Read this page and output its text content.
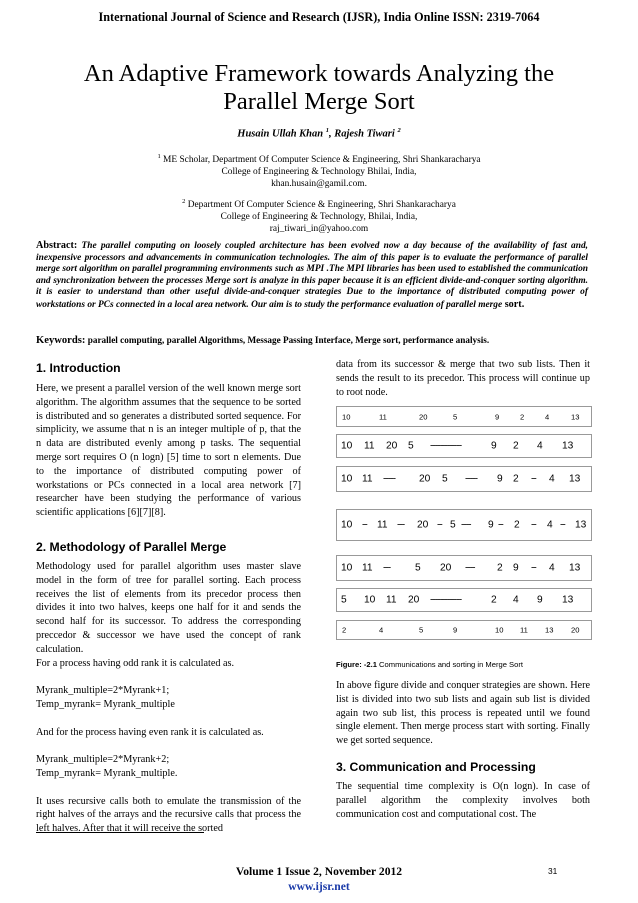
International Journal of Science and Research (IJSR), India Online ISSN: 2319-7064
An Adaptive Framework towards Analyzing the
Parallel Merge Sort
Husain Ullah Khan $^1$, Rajesh Tiwari $^2$
$^1$ ME Scholar, Department Of Computer Science & Engineering, Shri Shankaracharya
College of Engineering & Technology Bhilai, India,
khan.husain@gamil.com.
$^2$ Department Of Computer Science & Engineering, Shri Shankaracharya
College of Engineering & Technology, Bhilai, India,
raj_tiwari_in@yahoo.com
Abstract: The parallel computing on loosely coupled architecture has been evolved now a day because of the availability of fast and, inexpensive processors and advancements in communication technologies. The aim of this paper is to evaluate the performance of parallel merge sort algorithm on parallel programming environments such as MPI .The MPI libraries has been used to established the communication and synchronization between the processes Merge sort is analyze in this paper because it is an efficient divide-and-conquer sorting algorithm. it is easier to understand than other useful divide-and-conquer strategies Due to the importance of distributed computing power of workstations or PCs connected in a local area network. Our aim is to study the performance evaluation of parallel merge sort.
Keywords: parallel computing, parallel Algorithms, Message Passing Interface, Merge sort, performance analysis.
1. Introduction

Here, we present a parallel version of the well known merge sort algorithm. The algorithm assumes that the sequence to be sorted is distributed and so generates a distributed sorted sequence. For simplicity, we assume that n is an integer multiple of p, that the n data are distributed evenly among p tasks. The sequential merge sort requires O (n logn) [5] time to sort n elements. Due to the importance of distributed computing power of workstations or PCs connected in a local area network [7] researcher have been studying the performance of various scientific applications [6][7][8].

2. Methodology of Parallel Merge

Methodology used for parallel algorithm uses master slave model in the form of tree for parallel sorting. Each process receives the list of elements from its precedor process then divides it into two halves, keeps one half for it and sends the second half for its successor. To address the corresponding preccedor & successor we have used the concept of rank calculation.

For a process having odd rank it is calculated as.

Myrank_multiple=2*Myrank+1;

Temp_myrank= Myrank_multiple

And for the process having even rank it is calculated as.

Myrank_multiple=2*Myrank+2;

Temp_myrank= Myrank_multiple.

It uses recursive calls both to emulate the transmission of the right halves of the arrays and the recursive calls that process the left halves. After that it will receive the sorted

data from its successor & merge that two sub lists. Then it sends the result to its precedor. This process will continue up to root node.

10	11	20	5	9	2	4	13
10 11 20 5 -------------	9 2 4 13
10 11 ----- 20 5 ----- 9 2 -- 4 13
10 -- 11 --- 20 -- 5 ---- 9 -- 2 -- 4 -- 13
10 11 --- 5 20 ---- 2 9 -- 4 13
5 10 11 20 -------------	2 4 9 13
2	4	5	9	10 11 13 20
Figure: -2.1 Communications and sorting in Merge Sort

In above figure divide and conquer strategies are shown. Here list is divided into two sub lists and again sub list is divided again two sub list, this process is repeated until we found single element. Then merge process start with sorting. Finally we get sorted sequence.

3. Communication and Processing

The sequential time complexity is O(n logn). In case of parallel algorithm the complexity involves both communication cost and computational cost. The

Volume 1 Issue 2, November 2012
www.ijsr.net
31
